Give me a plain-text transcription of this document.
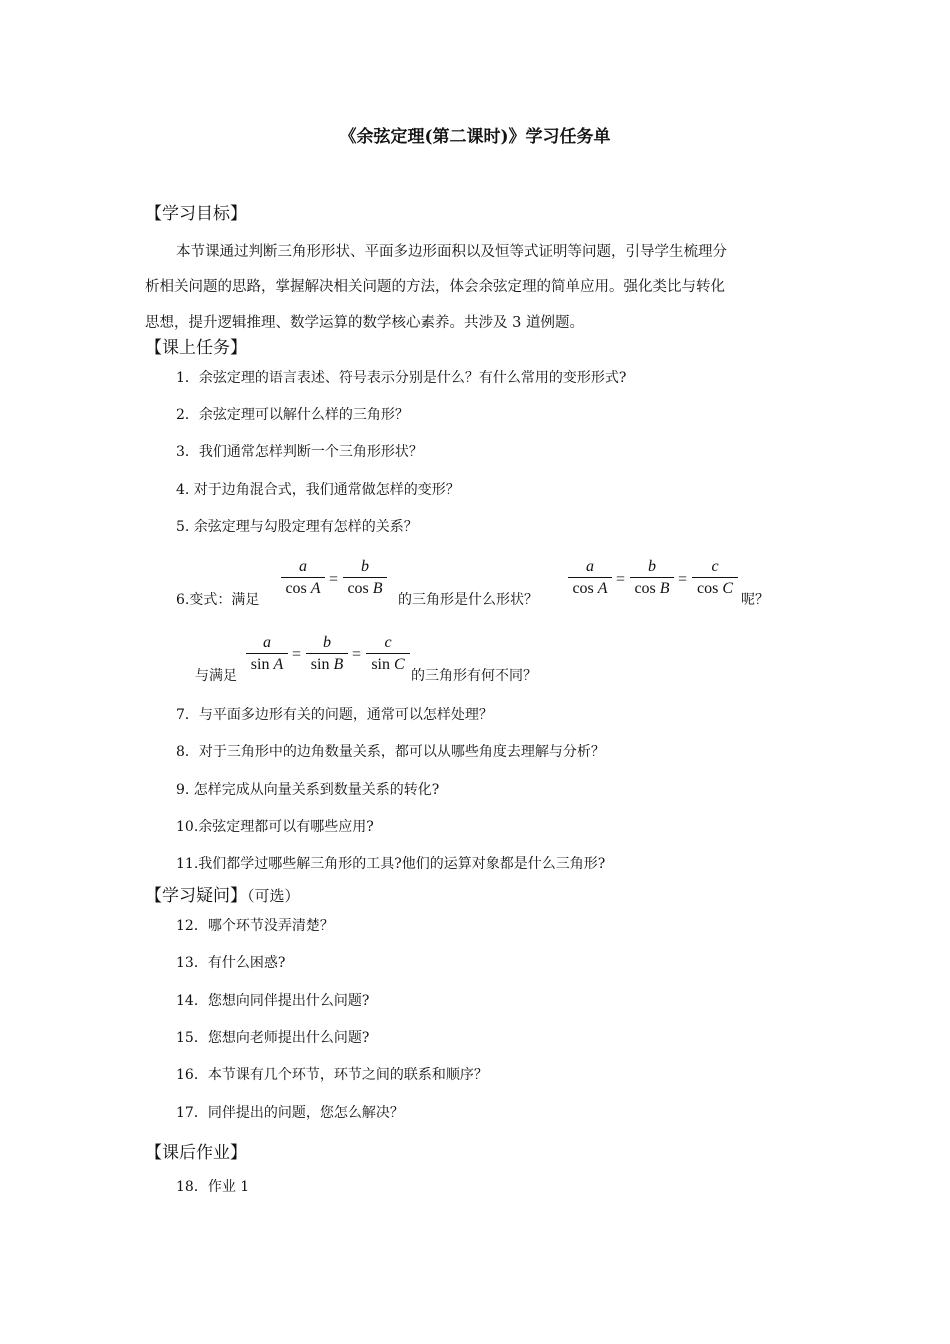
《余弦定理(第二课时)》学习任务单
【学习目标】
本节课通过判断三角形形状、平面多边形面积以及恒等式证明等问题，引导学生梳理分
析相关问题的思路，掌握解决相关问题的方法，体会余弦定理的简单应用。强化类比与转化
思想，提升逻辑推理、数学运算的数学核心素养。共涉及 3 道例题。
【课上任务】
1．余弦定理的语言表述、符号表示分别是什么？有什么常用的变形形式?
2．余弦定理可以解什么样的三角形？
3．我们通常怎样判断一个三角形形状？
4. 对于边角混合式，我们通常做怎样的变形？
5. 余弦定理与勾股定理有怎样的关系？
6.变式：满足
a
cos A
=
b
cos B
的三角形是什么形状？
a
cos A
=
b
cos B
=
c
cos C
呢？
与满足
a
sin A
=
b
sin B
=
c
sin C
的三角形有何不同？
7．与平面多边形有关的问题，通常可以怎样处理？
8．对于三角形中的边角数量关系，都可以从哪些角度去理解与分析？
9. 怎样完成从向量关系到数量关系的转化?
10.余弦定理都可以有哪些应用?
11.我们都学过哪些解三角形的工具?他们的运算对象都是什么三角形?
【学习疑问】（可选）
12．哪个环节没弄清楚？
13．有什么困惑?
14．您想向同伴提出什么问题?
15．您想向老师提出什么问题?
16．本节课有几个环节，环节之间的联系和顺序？
17．同伴提出的问题，您怎么解决？
【课后作业】
18．作业 1
